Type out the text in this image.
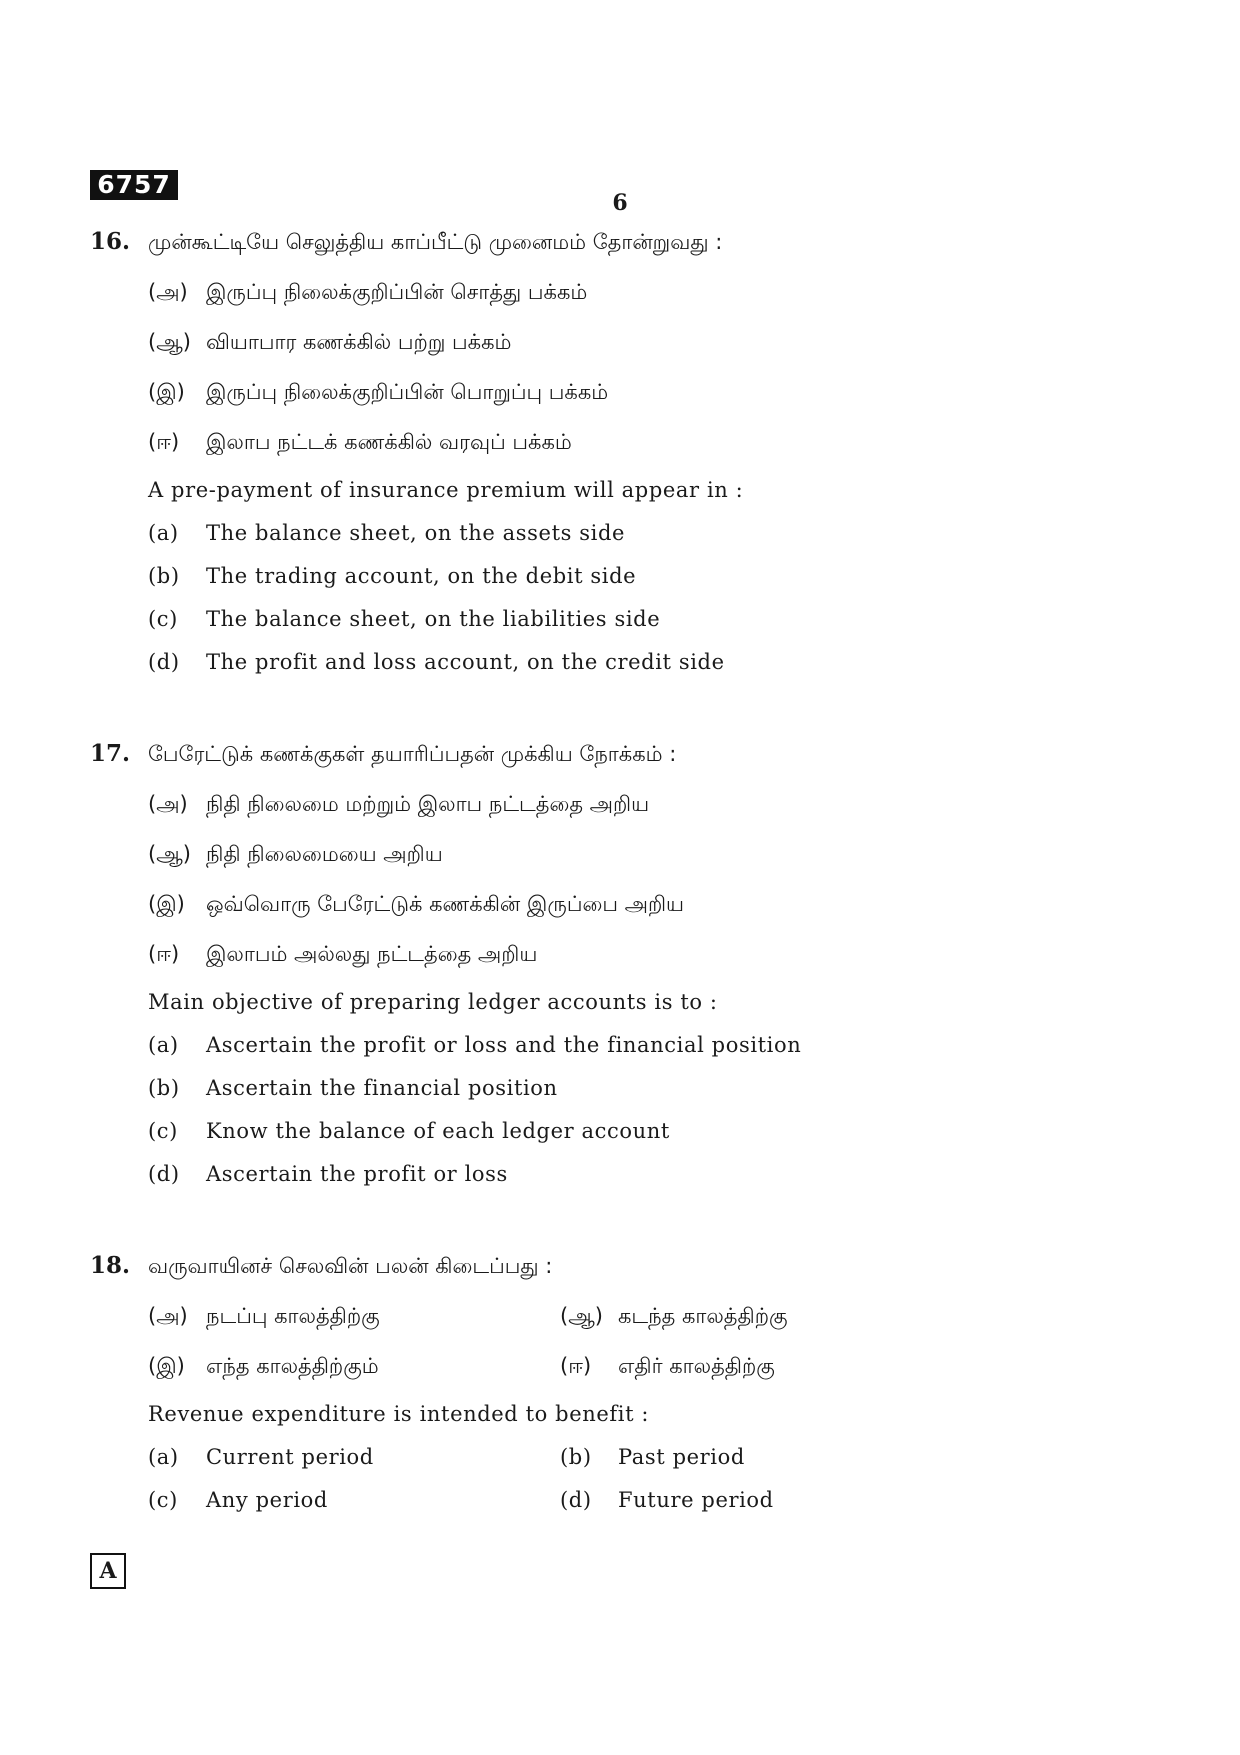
6757
6
16. முன்கூட்டியே செலுத்திய காப்பீட்டு முனைமம் தோன்றுவது :
(அ) இருப்பு நிலைக்குறிப்பின் சொத்து பக்கம்
(ஆ) வியாபார கணக்கில் பற்று பக்கம்
(இ) இருப்பு நிலைக்குறிப்பின் பொறுப்பு பக்கம்
(ஈ) இலாப நட்டக் கணக்கில் வரவுப் பக்கம்
A pre-payment of insurance premium will appear in :
(a) The balance sheet, on the assets side
(b) The trading account, on the debit side
(c) The balance sheet, on the liabilities side
(d) The profit and loss account, on the credit side
17. பேரேட்டுக் கணக்குகள் தயாரிப்பதன் முக்கிய நோக்கம் :
(அ) நிதி நிலைமை மற்றும் இலாப நட்டத்தை அறிய
(ஆ) நிதி நிலைமையை அறிய
(இ) ஒவ்வொரு பேரேட்டுக் கணக்கின் இருப்பை அறிய
(ஈ) இலாபம் அல்லது நட்டத்தை அறிய
Main objective of preparing ledger accounts is to :
(a) Ascertain the profit or loss and the financial position
(b) Ascertain the financial position
(c) Know the balance of each ledger account
(d) Ascertain the profit or loss
18. வருவாயினச் செலவின் பலன் கிடைப்பது :
(அ) நடப்பு காலத்திற்கு	(ஆ) கடந்த காலத்திற்கு
(இ) எந்த காலத்திற்கும்	(ஈ) எதிர் காலத்திற்கு
Revenue expenditure is intended to benefit :
(a) Current period	(b) Past period
(c) Any period	(d) Future period
A
